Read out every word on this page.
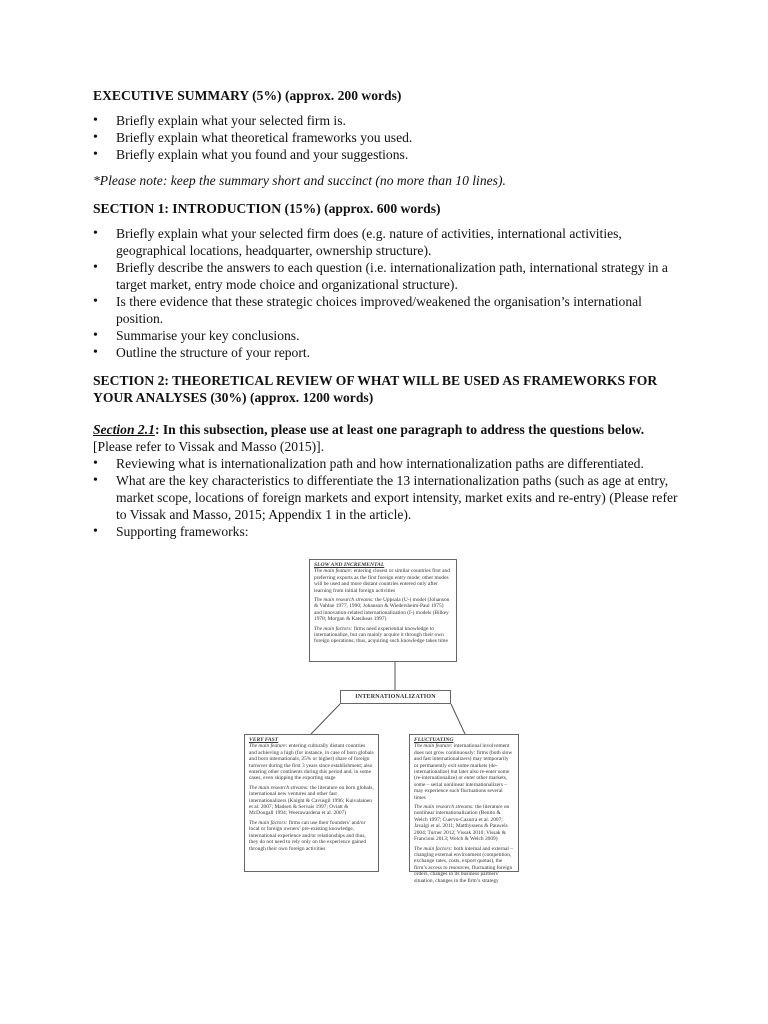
EXECUTIVE SUMMARY (5%) (approx. 200 words)
• Briefly explain what your selected firm is.
• Briefly explain what theoretical frameworks you used.
• Briefly explain what you found and your suggestions.
*Please note: keep the summary short and succinct (no more than 10 lines).
SECTION 1: INTRODUCTION (15%) (approx. 600 words)
• Briefly explain what your selected firm does (e.g. nature of activities, international activities, geographical locations, headquarter, ownership structure).
• Briefly describe the answers to each question (i.e. internationalization path, international strategy in a target market, entry mode choice and organizational structure).
• Is there evidence that these strategic choices improved/weakened the organisation’s international position.
• Summarise your key conclusions.
• Outline the structure of your report.
SECTION 2: THEORETICAL REVIEW OF WHAT WILL BE USED AS FRAMEWORKS FOR YOUR ANALYSES (30%) (approx. 1200 words)
Section 2.1: In this subsection, please use at least one paragraph to address the questions below. [Please refer to Vissak and Masso (2015)].
• Reviewing what is internationalization path and how internationalization paths are differentiated.
• What are the key characteristics to differentiate the 13 internationalization paths (such as age at entry, market scope, locations of foreign markets and export intensity, market exits and re-entry) (Please refer to Vissak and Masso, 2015; Appendix 1 in the article).
• Supporting frameworks:
SLOW AND INCREMENTAL

The main feature: entering closest or similar countries first and preferring exports as the first foreign entry mode; other modes will be used and more distant countries entered only after learning from initial foreign activities

The main research streams: the Uppsala (U-) model (Johanson & Vahlne 1977, 1990; Johanson & Wiedersheim-Paul 1975) and innovation-related internationalization (I-) models (Bilkey 1978; Morgan & Katsikeas 1997)

The main factors: firms need experiential knowledge to internationalize, but can mainly acquire it through their own foreign operations; thus, acquiring such knowledge takes time

INTERNATIONALIZATION
VERY FAST

The main feature: entering culturally distant countries and achieving a high (for instance, in case of born globals and born internationals, 25% or higher) share of foreign turnover during the first 3 years since establishment; also entering other continents during this period and, in some cases, even skipping the exporting stage

The main research streams: the literature on born globals, international new ventures and other fast internationalizers (Knight & Cavusgil 1996; Kuivalainen et al. 2007; Madsen & Servais 1997; Oviatt & McDougall 1994; Weerawardena et al. 2007)

The main factors: firms can use their founders’ and/or local or foreign owners’ pre-existing knowledge, international experience and/or relationships and thus, they do not need to rely only on the experience gained through their own foreign activities

FLUCTUATING

The main feature: international involvement does not grow continuously: firms (both slow and fast internationalizers) may temporarily or permanently exit some markets (de-internationalize) but later also re-enter some (re-internationalize) or enter other markets, some – serial nonlinear internationalizers – may experience such fluctuations several times

The main research streams: the literature on nonlinear internationalization (Benito & Welch 1997; Cuervo-Cazurra et al. 2007; Javalgi et al. 2011; Matthyssens & Pauwels 2004; Turner 2012; Vissak 2010; Vissak & Francioni 2013; Welch & Welch 2009)

The main factors: both internal and external – changing external environment (competition, exchange rates, costs, export quotas), the firm’s access to resources, fluctuating foreign orders, changes in its business partners’ situation, changes in the firm’s strategy
